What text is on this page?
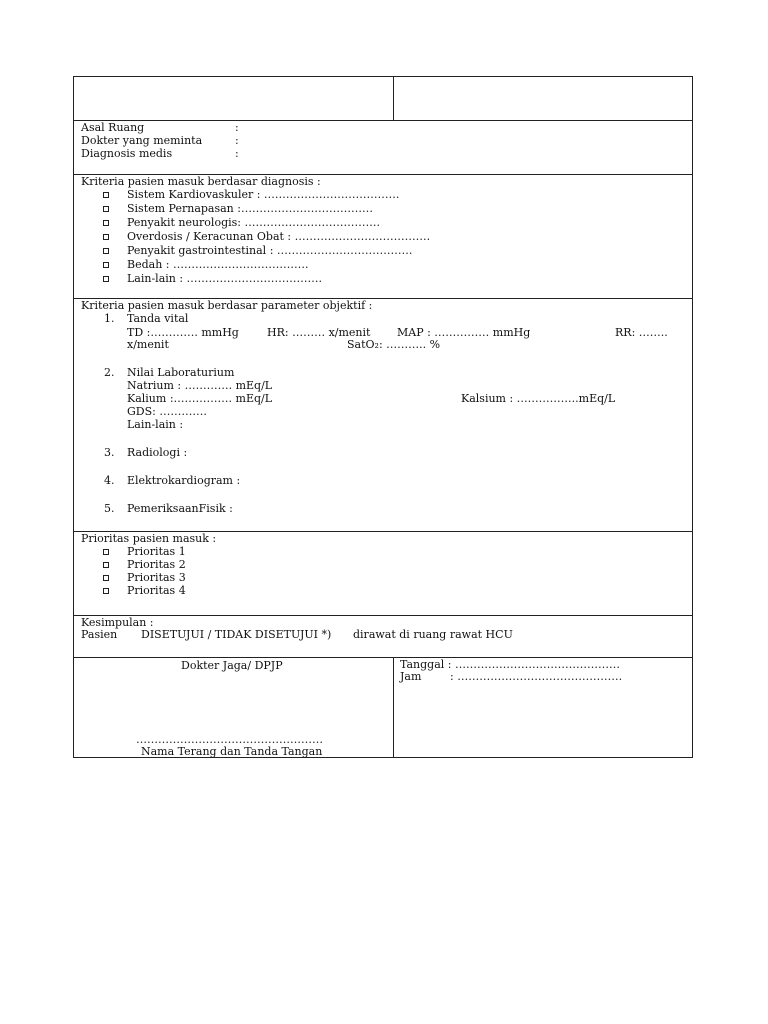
Asal Ruang	:
Dokter yang meminta	:
Diagnosis medis	:
Kriteria pasien masuk berdasar diagnosis :
Sistem Kardiovaskuler : ……………………………….
Sistem Pernapasan :………………………………
Penyakit neurologis: ……………………………….
Overdosis / Keracunan Obat : ……………………………….
Penyakit gastrointestinal : ……………………………….
Bedah : ……………………………….
Lain-lain : ……………………………….
Kriteria pasien masuk berdasar parameter objektif :
1. Tanda vital
TD :…………. mmHg	HR: ……… x/menit MAP : …………… mmHg	RR: ……..
x/menit	SatO₂: ……….. %
2. Nilai Laboraturium
Natrium : …………. mEq/L
Kalium :……………. mEq/L	Kalsium : ……………..mEq/L
GDS: ………….
Lain-lain :
3. Radiologi :
4. Elektrokardiogram :
5. PemeriksaanFisik :
Prioritas pasien masuk :
Prioritas 1
Prioritas 2
Prioritas 3
Prioritas 4
Kesimpulan :
Pasien DISETUJUI / TIDAK DISETUJUI *) dirawat di ruang rawat HCU
Dokter Jaga/ DPJP
……………………………………………
Nama Terang dan Tanda Tangan
Tanggal : ………………………………………
Jam	: ………………………………………
